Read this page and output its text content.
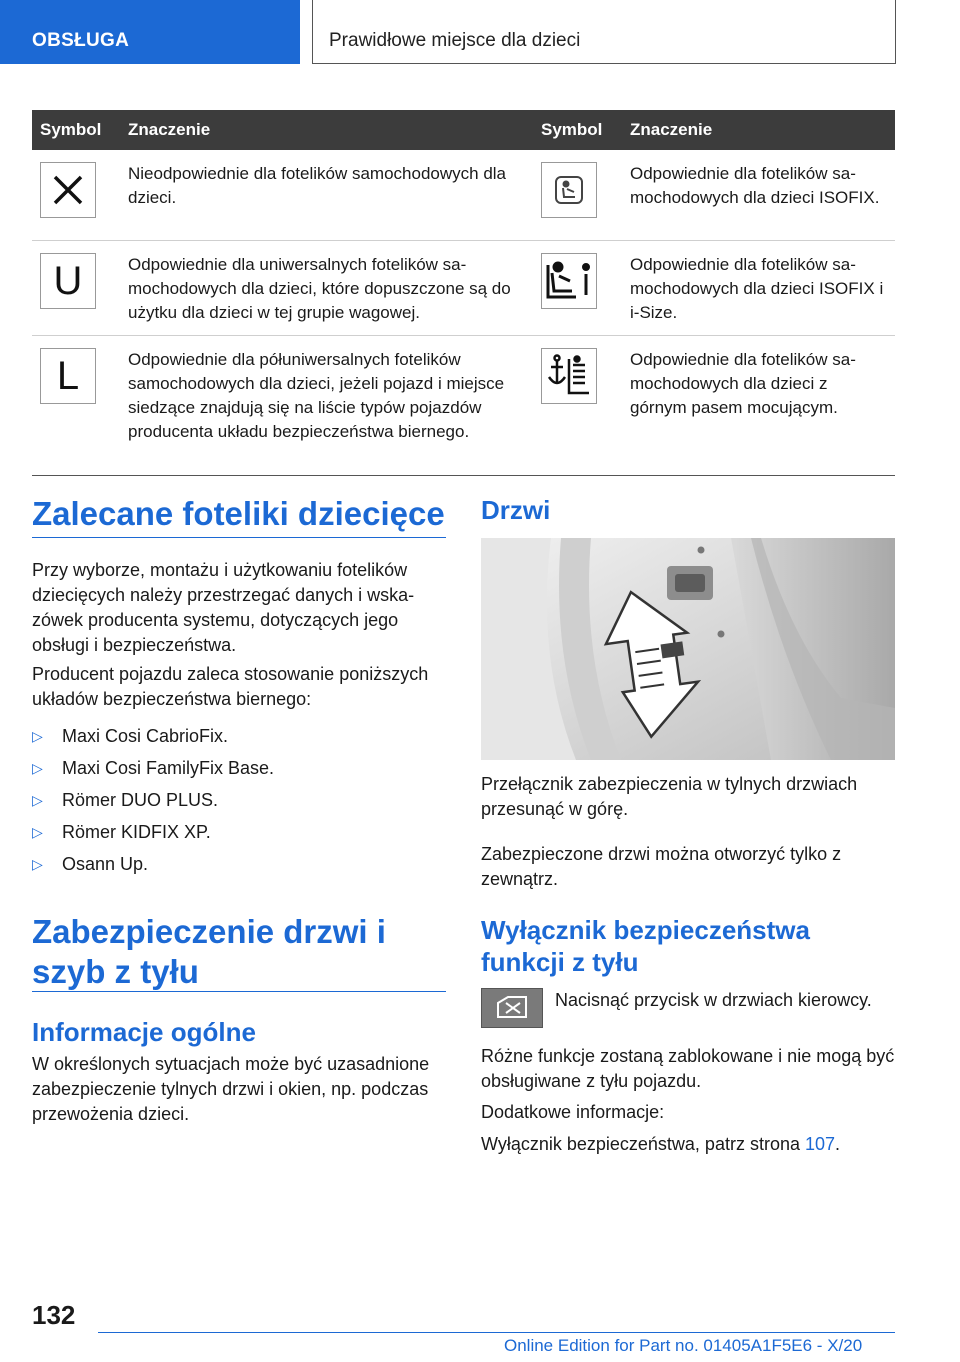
OBSŁUGA	Prawidłowe miejsce dla dzieci
Symbol	Znaczenie	Symbol	Znaczenie

	Nieodpowiednie dla fotelików samochodowych dla dzieci.		Odpowiednie dla fotelików samochodowych dla dzieci ISOFIX.

U	Odpowiednie dla uniwersalnych fotelików samochodowych dla dzieci, które dopuszczone są do użytku dla dzieci w tej grupie wagowej.		Odpowiednie dla fotelików samochodowych dla dzieci ISOFIX i i-Size.

L	Odpowiednie dla półuniwersalnych fotelików samochodowych dla dzieci, jeżeli pojazd i miejsce siedzące znajdują się na liście typów pojazdów producenta układu bezpieczeństwa biernego.		Odpowiednie dla fotelików samochodowych dla dzieci z górnym pasem mocującym.
Zalecane foteliki dziecięce
Przy wyborze, montażu i użytkowaniu fotelików dziecięcych należy przestrzegać danych i wskazówek producenta systemu, dotyczących jego obsługi i bezpieczeństwa.
Producent pojazdu zaleca stosowanie poniższych układów bezpieczeństwa biernego:
▷	Maxi Cosi CabrioFix.
▷	Maxi Cosi FamilyFix Base.
▷	Römer DUO PLUS.
▷	Römer KIDFIX XP.
▷	Osann Up.
Zabezpieczenie drzwi i szyb z tyłu
Informacje ogólne
W określonych sytuacjach może być uzasadnione zabezpieczenie tylnych drzwi i okien, np. podczas przewożenia dzieci.
Drzwi
Przełącznik zabezpieczenia w tylnych drzwiach przesunąć w górę.
Zabezpieczone drzwi można otworzyć tylko z zewnątrz.
Wyłącznik bezpieczeństwa funkcji z tyłu
Nacisnąć przycisk w drzwiach kierowcy.
Różne funkcje zostaną zablokowane i nie mogą być obsługiwane z tyłu pojazdu.
Dodatkowe informacje:
Wyłącznik bezpieczeństwa, patrz strona 107.
132
Online Edition for Part no. 01405A1F5E6 - X/20
